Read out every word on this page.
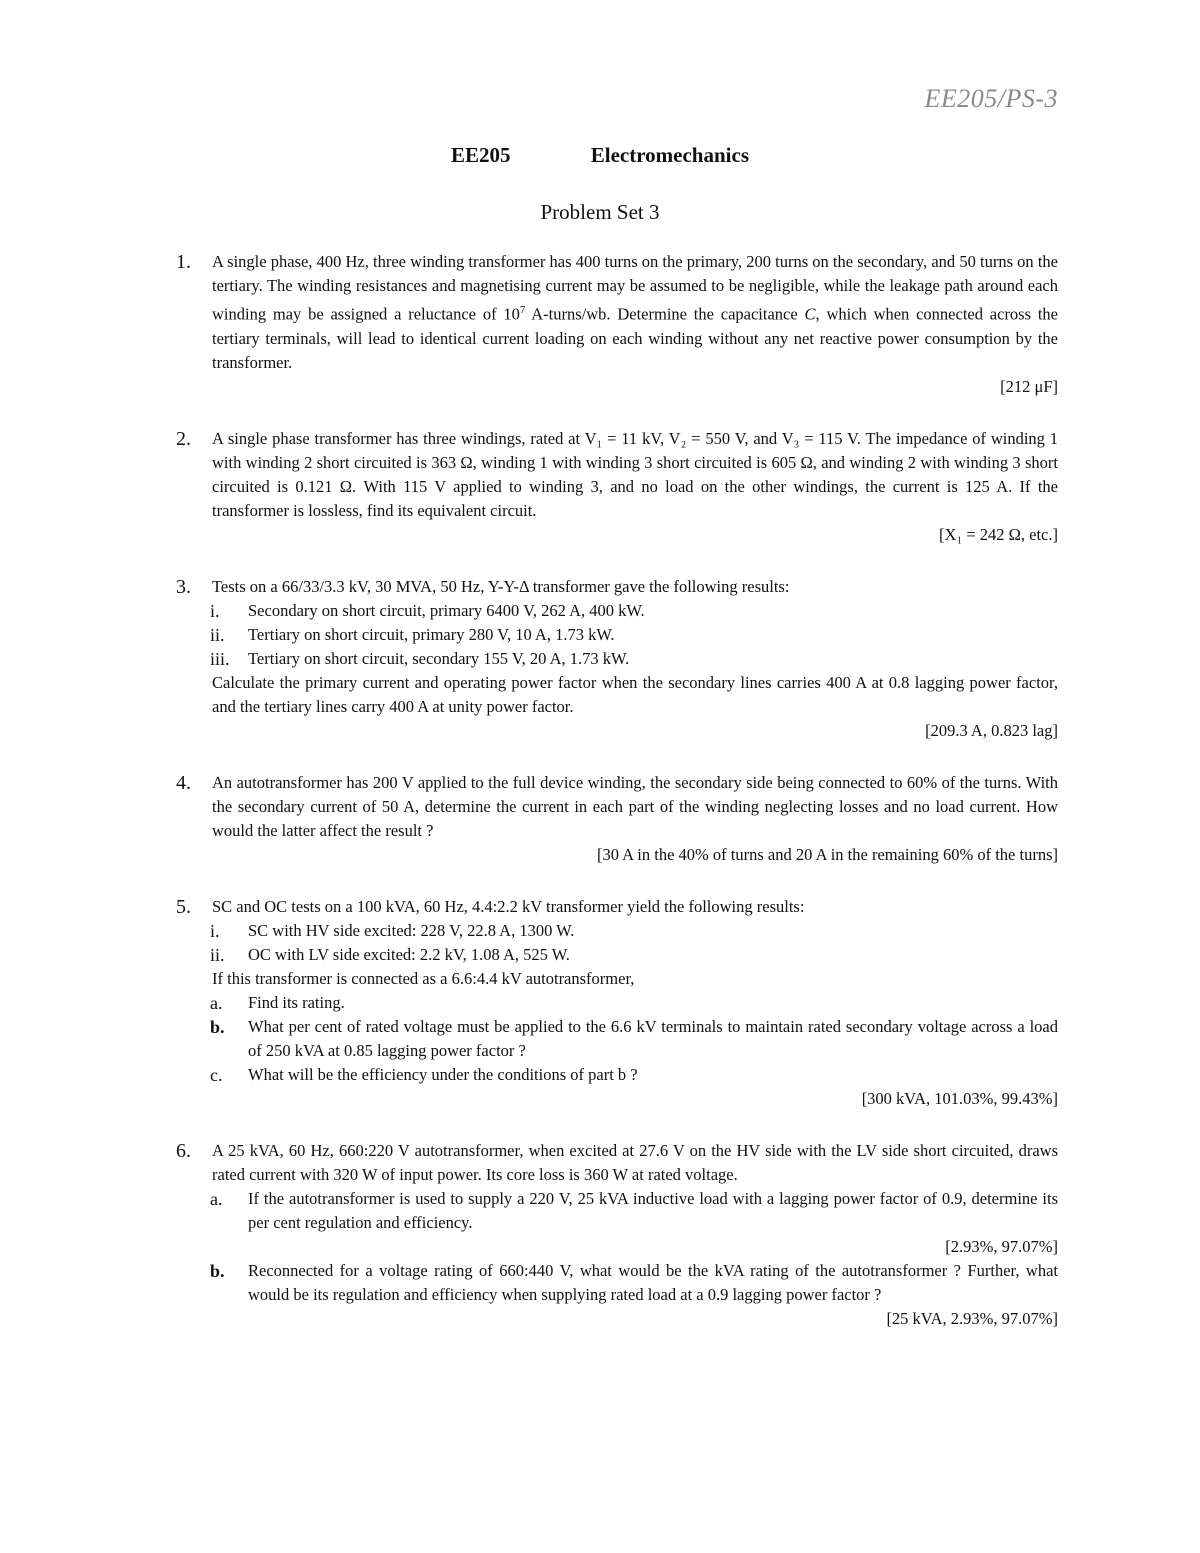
EE205/PS-3
EE205	Electromechanics
Problem Set 3
1. A single phase, 400 Hz, three winding transformer has 400 turns on the primary, 200 turns on the secondary, and 50 turns on the tertiary. The winding resistances and magnetising current may be assumed to be negligible, while the leakage path around each winding may be assigned a reluctance of $10^7$ A-turns/wb. Determine the capacitance C, which when connected across the tertiary terminals, will lead to identical current loading on each winding without any net reactive power consumption by the transformer.
[212 μF]
2. A single phase transformer has three windings, rated at V₁ = 11 kV, V₂ = 550 V, and V₃ = 115 V. The impedance of winding 1 with winding 2 short circuited is 363 Ω, winding 1 with winding 3 short circuited is 605 Ω, and winding 2 with winding 3 short circuited is 0.121 Ω. With 115 V applied to winding 3, and no load on the other windings, the current is 125 A. If the transformer is lossless, find its equivalent circuit.
[X₁ = 242 Ω, etc.]
3. Tests on a 66/33/3.3 kV, 30 MVA, 50 Hz, Y-Y-Δ transformer gave the following results:
i. Secondary on short circuit, primary 6400 V, 262 A, 400 kW.
ii. Tertiary on short circuit, primary 280 V, 10 A, 1.73 kW.
iii. Tertiary on short circuit, secondary 155 V, 20 A, 1.73 kW.
Calculate the primary current and operating power factor when the secondary lines carries 400 A at 0.8 lagging power factor, and the tertiary lines carry 400 A at unity power factor.
[209.3 A, 0.823 lag]
4. An autotransformer has 200 V applied to the full device winding, the secondary side being connected to 60% of the turns. With the secondary current of 50 A, determine the current in each part of the winding neglecting losses and no load current. How would the latter affect the result ?
[30 A in the 40% of turns and 20 A in the remaining 60% of the turns]
5. SC and OC tests on a 100 kVA, 60 Hz, 4.4:2.2 kV transformer yield the following results:
i. SC with HV side excited: 228 V, 22.8 A, 1300 W.
ii. OC with LV side excited: 2.2 kV, 1.08 A, 525 W.
If this transformer is connected as a 6.6:4.4 kV autotransformer,
a. Find its rating.
b. What per cent of rated voltage must be applied to the 6.6 kV terminals to maintain rated secondary voltage across a load of 250 kVA at 0.85 lagging power factor ?
c. What will be the efficiency under the conditions of part b ?
[300 kVA, 101.03%, 99.43%]
6. A 25 kVA, 60 Hz, 660:220 V autotransformer, when excited at 27.6 V on the HV side with the LV side short circuited, draws rated current with 320 W of input power. Its core loss is 360 W at rated voltage.
a. If the autotransformer is used to supply a 220 V, 25 kVA inductive load with a lagging power factor of 0.9, determine its per cent regulation and efficiency.
[2.93%, 97.07%]
b. Reconnected for a voltage rating of 660:440 V, what would be the kVA rating of the autotransformer ? Further, what would be its regulation and efficiency when supplying rated load at a 0.9 lagging power factor ?
[25 kVA, 2.93%, 97.07%]
